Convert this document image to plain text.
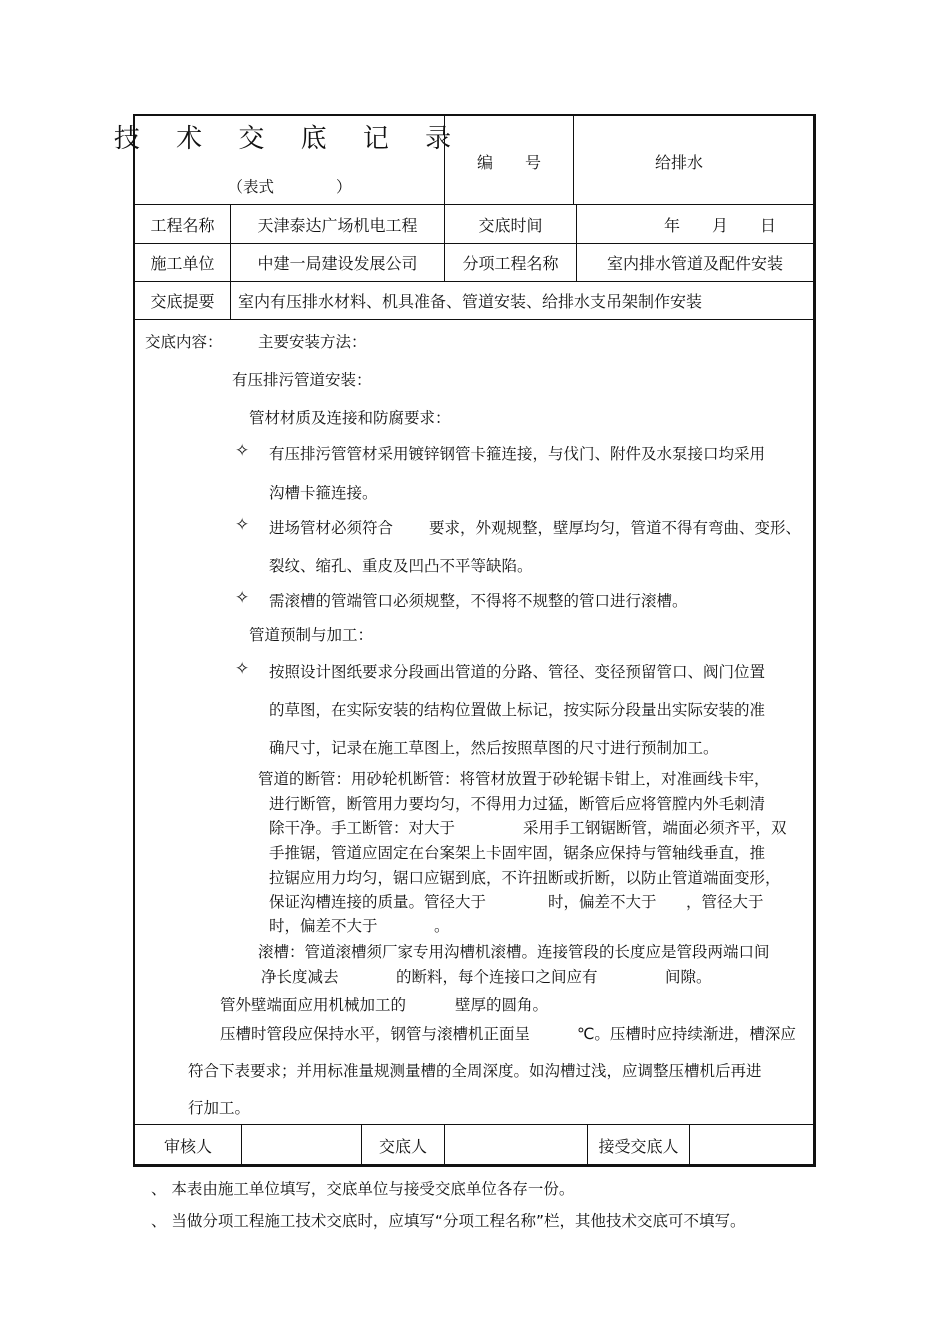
技 术 交 底 记 录
（表式　　　　）
编　　号	给排水
工程名称	天津泰达广场机电工程	交底时间	年　　月　　日
施工单位	中建一局建设发展公司	分项工程名称	室内排水管道及配件安装
交底提要	室内有压排水材料、机具准备、管道安装、给排水支吊架制作安装
交底内容： 主要安装方法：
有压排污管道安装：
管材材质及连接和防腐要求：
✧ 有压排污管管材采用镀锌钢管卡箍连接，与伐门、附件及水泵接口均采用
沟槽卡箍连接。
✧ 进场管材必须符合 要求，外观规整，壁厚均匀，管道不得有弯曲、变形、
裂纹、缩孔、重皮及凹凸不平等缺陷。
✧ 需滚槽的管端管口必须规整，不得将不规整的管口进行滚槽。
管道预制与加工：
✧ 按照设计图纸要求分段画出管道的分路、管径、变径预留管口、阀门位置
的草图，在实际安装的结构位置做上标记，按实际分段量出实际安装的准
确尺寸，记录在施工草图上，然后按照草图的尺寸进行预制加工。
管道的断管：用砂轮机断管：将管材放置于砂轮锯卡钳上，对准画线卡牢，
进行断管，断管用力要均匀，不得用力过猛，断管后应将管膛内外毛刺清
除干净。手工断管：对大于	采用手工钢锯断管，端面必须齐平，双
手推锯，管道应固定在台案架上卡固牢固，锯条应保持与管轴线垂直，推
拉锯应用力均匀，锯口应锯到底，不许扭断或折断，以防止管道端面变形，
保证沟槽连接的质量。管径大于	时，偏差不大于 ，管径大于
时，偏差不大于	。
滚槽：管道滚槽须厂家专用沟槽机滚槽。连接管段的长度应是管段两端口间
净长度减去	的断料，每个连接口之间应有	间隙。
管外壁端面应用机械加工的	壁厚的圆角。
压槽时管段应保持水平，钢管与滚槽机正面呈	℃。压槽时应持续渐进，槽深应
符合下表要求；并用标准量规测量槽的全周深度。如沟槽过浅，应调整压槽机后再进
行加工。
审核人	交底人	接受交底人
、 本表由施工单位填写，交底单位与接受交底单位各存一份。
、 当做分项工程施工技术交底时，应填写“分项工程名称”栏，其他技术交底可不填写。
